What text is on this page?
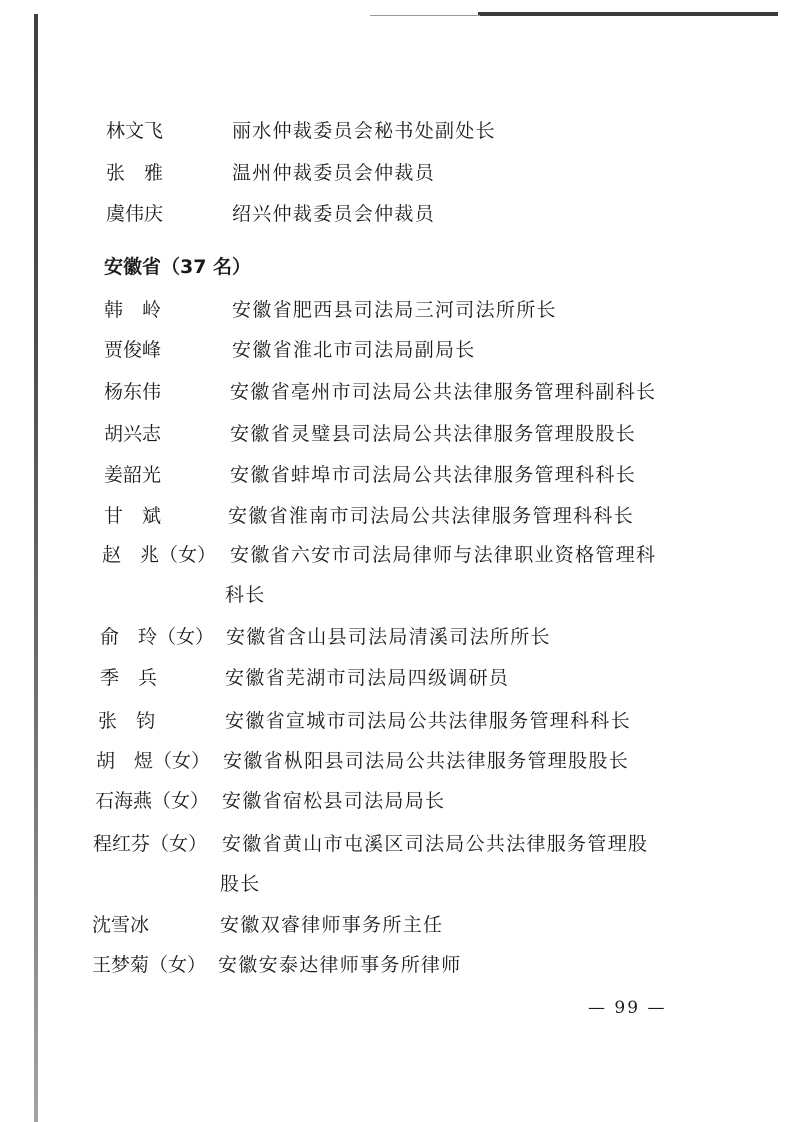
林文飞	丽水仲裁委员会秘书处副处长
张　雅	温州仲裁委员会仲裁员
虞伟庆	绍兴仲裁委员会仲裁员
安徽省（37 名）
韩　岭	安徽省肥西县司法局三河司法所所长
贾俊峰	安徽省淮北市司法局副局长
杨东伟	安徽省亳州市司法局公共法律服务管理科副科长
胡兴志	安徽省灵璧县司法局公共法律服务管理股股长
姜韶光	安徽省蚌埠市司法局公共法律服务管理科科长
甘　斌	安徽省淮南市司法局公共法律服务管理科科长
赵　兆（女） 安徽省六安市司法局律师与法律职业资格管理科
科长
俞　玲（女） 安徽省含山县司法局清溪司法所所长
季　兵	安徽省芜湖市司法局四级调研员
张　钧	安徽省宣城市司法局公共法律服务管理科科长
胡　煜（女） 安徽省枞阳县司法局公共法律服务管理股股长
石海燕（女） 安徽省宿松县司法局局长
程红芬（女） 安徽省黄山市屯溪区司法局公共法律服务管理股
股长
沈雪冰	安徽双睿律师事务所主任
王梦菊（女） 安徽安泰达律师事务所律师
— 99 —
